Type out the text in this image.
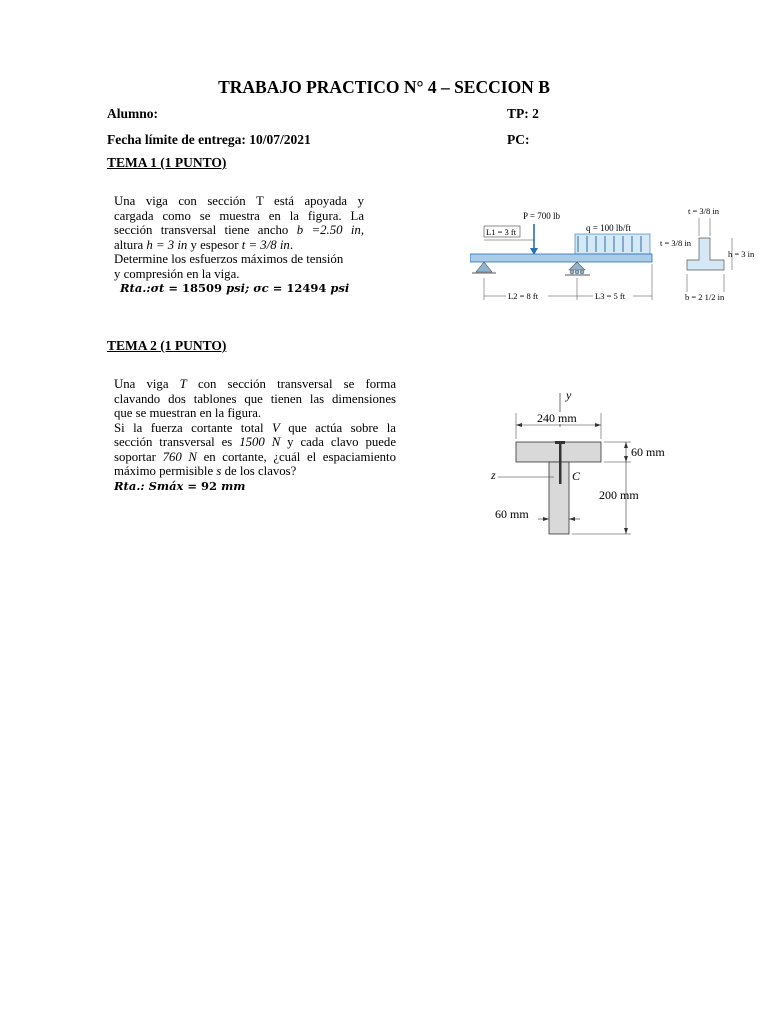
TRABAJO PRACTICO N° 4 – SECCION B
Alumno:	TP: 2
Fecha límite de entrega: 10/07/2021	PC:
TEMA 1 (1 PUNTO)
Una viga con sección T está apoyada y
cargada como se muestra en la figura. La
sección transversal tiene ancho b =2.50 in,
altura h = 3 in y espesor t = 3/8 in.
Determine los esfuerzos máximos de tensión
y compresión en la viga.
Rta.:σt = 18509 psi; σc = 12494 psi
P = 700 lb
L1 = 3 ft	q = 100 lb/ft
L2 = 8 ft	L3 = 5 ft
t = 3/8 in
t = 3/8 in
h = 3 in
b = 2 1/2 in
TEMA 2 (1 PUNTO)
Una viga T con sección transversal se forma
clavando dos tablones que tienen las dimensiones
que se muestran en la figura.
Si la fuerza cortante total V que actúa sobre la
sección transversal es 1500 N y cada clavo puede
soportar 760 N en cortante, ¿cuál el espaciamiento
máximo permisible s de los clavos?
Rta.: Smáx = 92 mm
y
240 mm
z	C
60 mm
200 mm
60 mm
